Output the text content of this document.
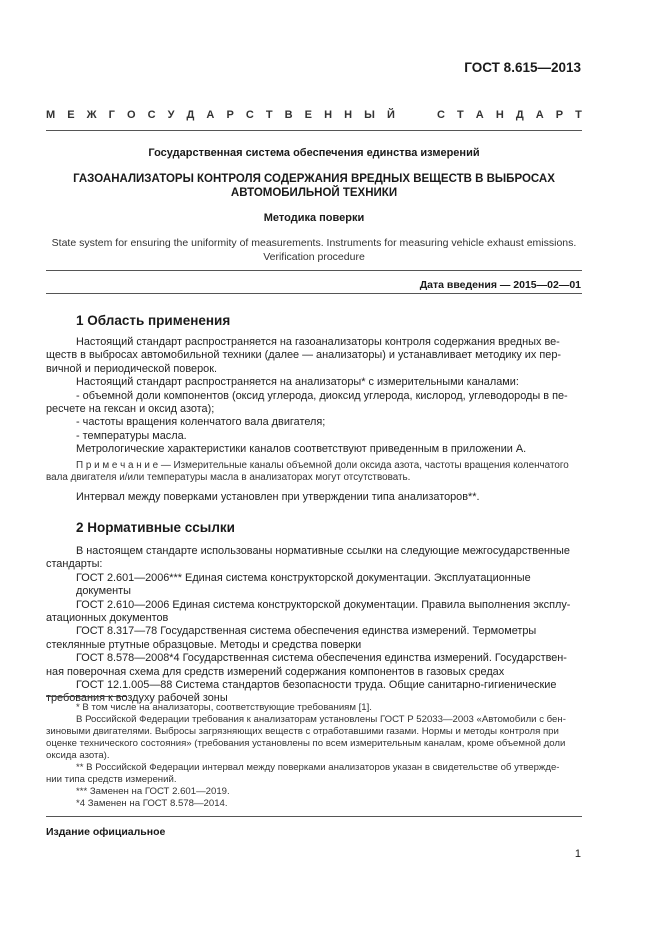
ГОСТ 8.615—2013
М Е Ж Г О С У Д А Р С Т В Е Н Н Ы Й	С Т А Н Д А Р Т
Государственная система обеспечения единства измерений
ГАЗОАНАЛИЗАТОРЫ КОНТРОЛЯ СОДЕРЖАНИЯ ВРЕДНЫХ ВЕЩЕСТВ В ВЫБРОСАХ
АВТОМОБИЛЬНОЙ ТЕХНИКИ
Методика поверки
State system for ensuring the uniformity of measurements. Instruments for measuring vehicle exhaust emissions.
Verification procedure
Дата введения — 2015—02—01
1 Область применения

Настоящий стандарт распространяется на газоанализаторы контроля содержания вредных ве-

ществ в выбросах автомобильной техники (далее — анализаторы) и устанавливает методику их пер-

вичной и периодической поверок.

Настоящий стандарт распространяется на анализаторы* с измерительными каналами:

- объемной доли компонентов (оксид углерода, диоксид углерода, кислород, углеводороды в пе-

ресчете на гексан и оксид азота);

- частоты вращения коленчатого вала двигателя;

- температуры масла.

Метрологические характеристики каналов соответствуют приведенным в приложении А.

П р и м е ч а н и е — Измерительные каналы объемной доли оксида азота, частоты вращения коленчатого

вала двигателя и/или температуры масла в анализаторах могут отсутствовать.

Интервал между поверками установлен при утверждении типа анализаторов**.

2 Нормативные ссылки

В настоящем стандарте использованы нормативные ссылки на следующие межгосударственные

стандарты:

ГОСТ 2.601—2006*** Единая система конструкторской документации. Эксплуатационные документы

ГОСТ 2.610—2006 Единая система конструкторской документации. Правила выполнения эксплу-

атационных документов

ГОСТ 8.317—78 Государственная система обеспечения единства измерений. Термометры

стеклянные ртутные образцовые. Методы и средства поверки

ГОСТ 8.578—2008*4 Государственная система обеспечения единства измерений. Государствен-

ная поверочная схема для средств измерений содержания компонентов в газовых средах

ГОСТ 12.1.005—88 Система стандартов безопасности труда. Общие санитарно-гигиенические

требования к воздуху рабочей зоны

* В том числе на анализаторы, соответствующие требованиям [1].

В Российской Федерации требования к анализаторам установлены ГОСТ Р 52033—2003 «Автомобили с бен-

зиновыми двигателями. Выбросы загрязняющих веществ с отработавшими газами. Нормы и методы контроля при

оценке технического состояния» (требования установлены по всем измерительным каналам, кроме объемной доли

оксида азота).

** В Российской Федерации интервал между поверками анализаторов указан в свидетельстве об утвержде-

нии типа средств измерений.

*** Заменен на ГОСТ 2.601—2019.

*4 Заменен на ГОСТ 8.578—2014.

Издание официальное
1
